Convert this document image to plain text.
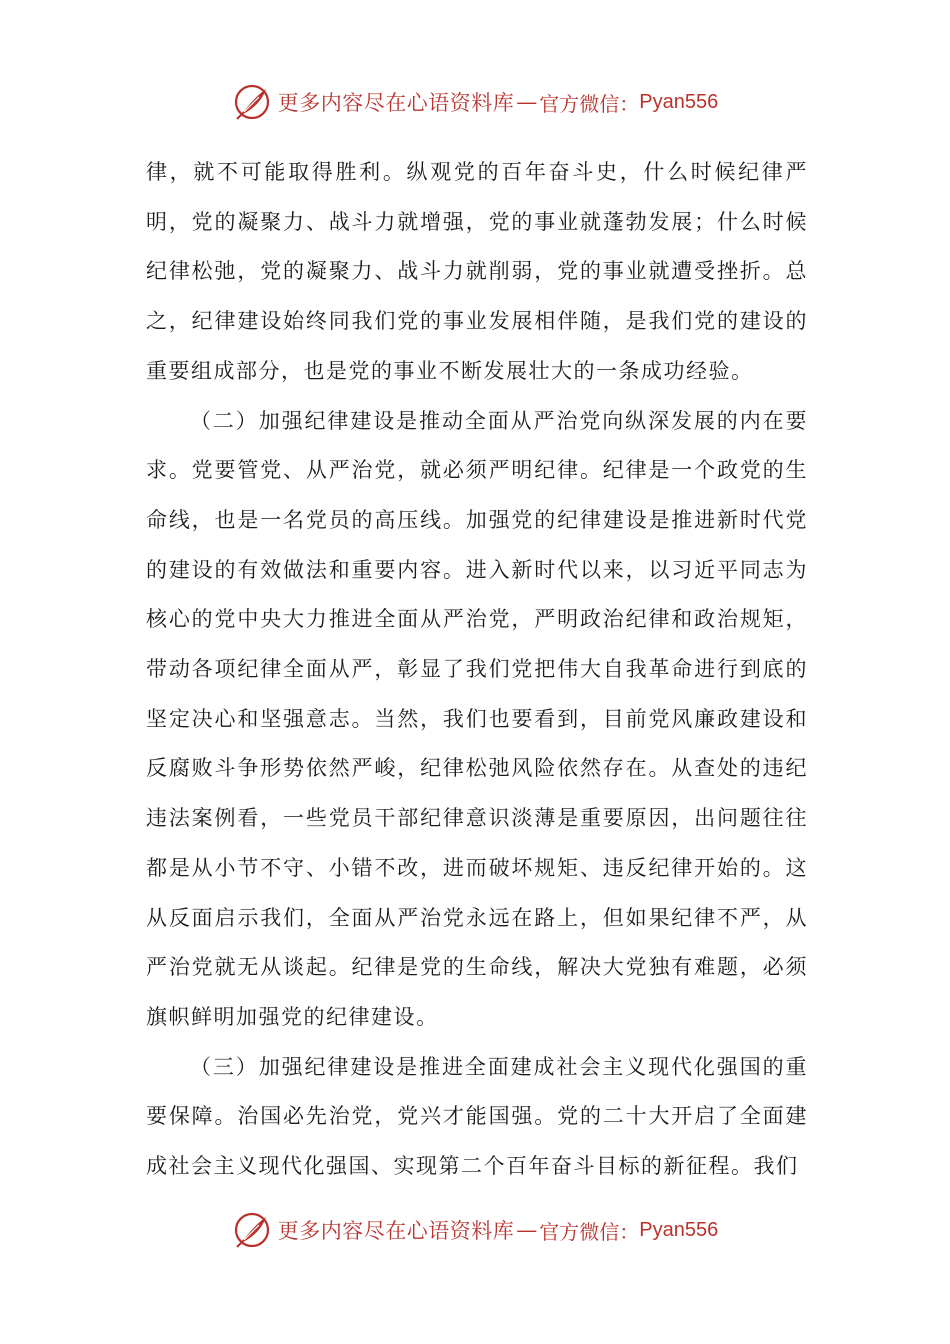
更多内容尽在心语资料库 — 官方微信： Pyan556

律，就不可能取得胜利。纵观党的百年奋斗史，什么时候纪律严明，党的凝聚力、战斗力就增强，党的事业就蓬勃发展；什么时候纪律松弛，党的凝聚力、战斗力就削弱，党的事业就遭受挫折。总之，纪律建设始终同我们党的事业发展相伴随，是我们党的建设的重要组成部分，也是党的事业不断发展壮大的一条成功经验。

（二）加强纪律建设是推动全面从严治党向纵深发展的内在要求。党要管党、从严治党，就必须严明纪律。纪律是一个政党的生命线，也是一名党员的高压线。加强党的纪律建设是推进新时代党的建设的有效做法和重要内容。进入新时代以来，以习近平同志为核心的党中央大力推进全面从严治党，严明政治纪律和政治规矩，带动各项纪律全面从严，彰显了我们党把伟大自我革命进行到底的坚定决心和坚强意志。当然，我们也要看到，目前党风廉政建设和反腐败斗争形势依然严峻，纪律松弛风险依然存在。从查处的违纪违法案例看，一些党员干部纪律意识淡薄是重要原因，出问题往往都是从小节不守、小错不改，进而破坏规矩、违反纪律开始的。这从反面启示我们，全面从严治党永远在路上，但如果纪律不严，从严治党就无从谈起。纪律是党的生命线，解决大党独有难题，必须旗帜鲜明加强党的纪律建设。

（三）加强纪律建设是推进全面建成社会主义现代化强国的重要保障。治国必先治党，党兴才能国强。党的二十大开启了全面建成社会主义现代化强国、实现第二个百年奋斗目标的新征程。我们

更多内容尽在心语资料库 — 官方微信： Pyan556
